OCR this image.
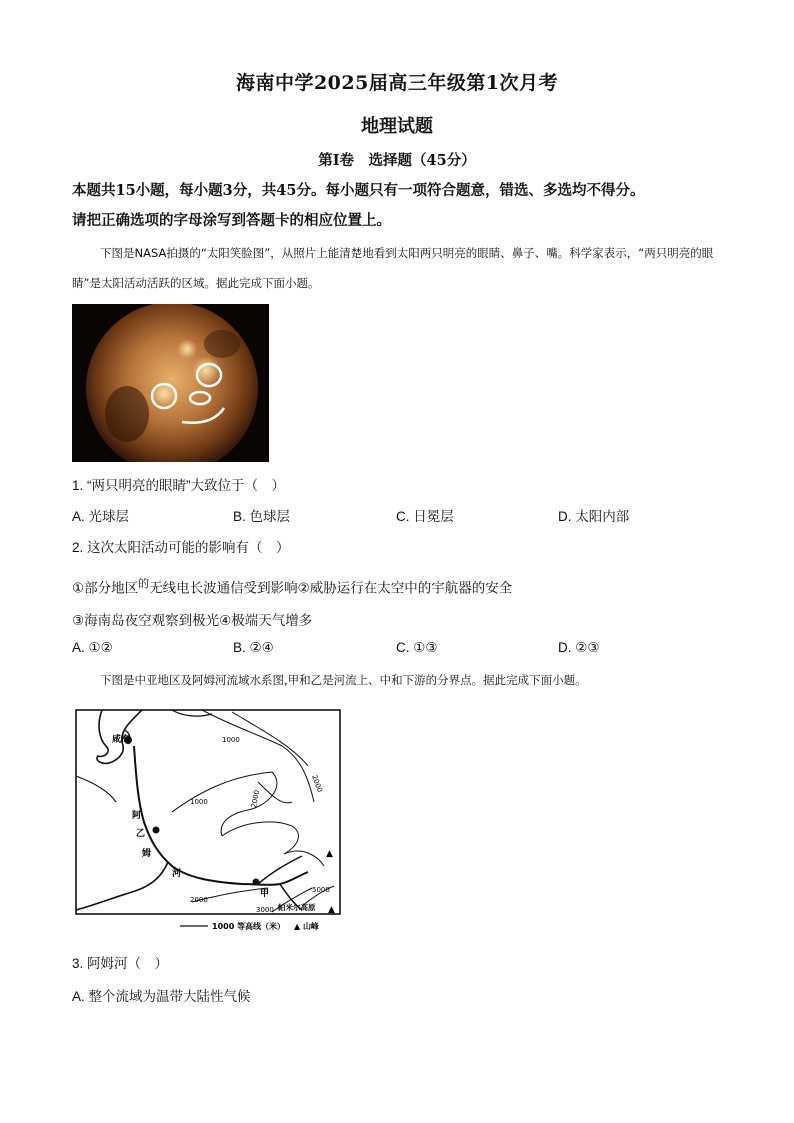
海南中学2025届高三年级第1次月考
地理试题
第Ⅰ卷　选择题（45分）
本题共15小题，每小题3分，共45分。每小题只有一项符合题意，错选、多选均不得分。
请把正确选项的字母涂写到答题卡的相应位置上。
下图是NASA拍摄的“太阳笑脸图”，从照片上能清楚地看到太阳两只明亮的眼睛、鼻子、嘴。科学家表示，“两只明亮的眼睛”是太阳活动活跃的区域。据此完成下面小题。
1. “两只明亮的眼睛”大致位于（　）
A. 光球层	B. 色球层	C. 日冕层	D. 太阳内部
2. 这次太阳活动可能的影响有（　）
①部分地区$^的$无线电长波通信受到影响②威胁运行在太空中的宇航器的安全
③海南岛夜空观察到极光④极端天气增多
A. ①②	B. ②④	C. ①③	D. ②③
下图是中亚地区及阿姆河流域水系图,甲和乙是河流上、中和下游的分界点。据此完成下面小题。
咸海
阿
姆
河
乙
甲
帕米尔高原
1000
2000
1000	2000
2000
3000
5000
▲
▲
1000 等高线（米） ▲ 山峰
3. 阿姆河（　）
A. 整个流域为温带大陆性气候
